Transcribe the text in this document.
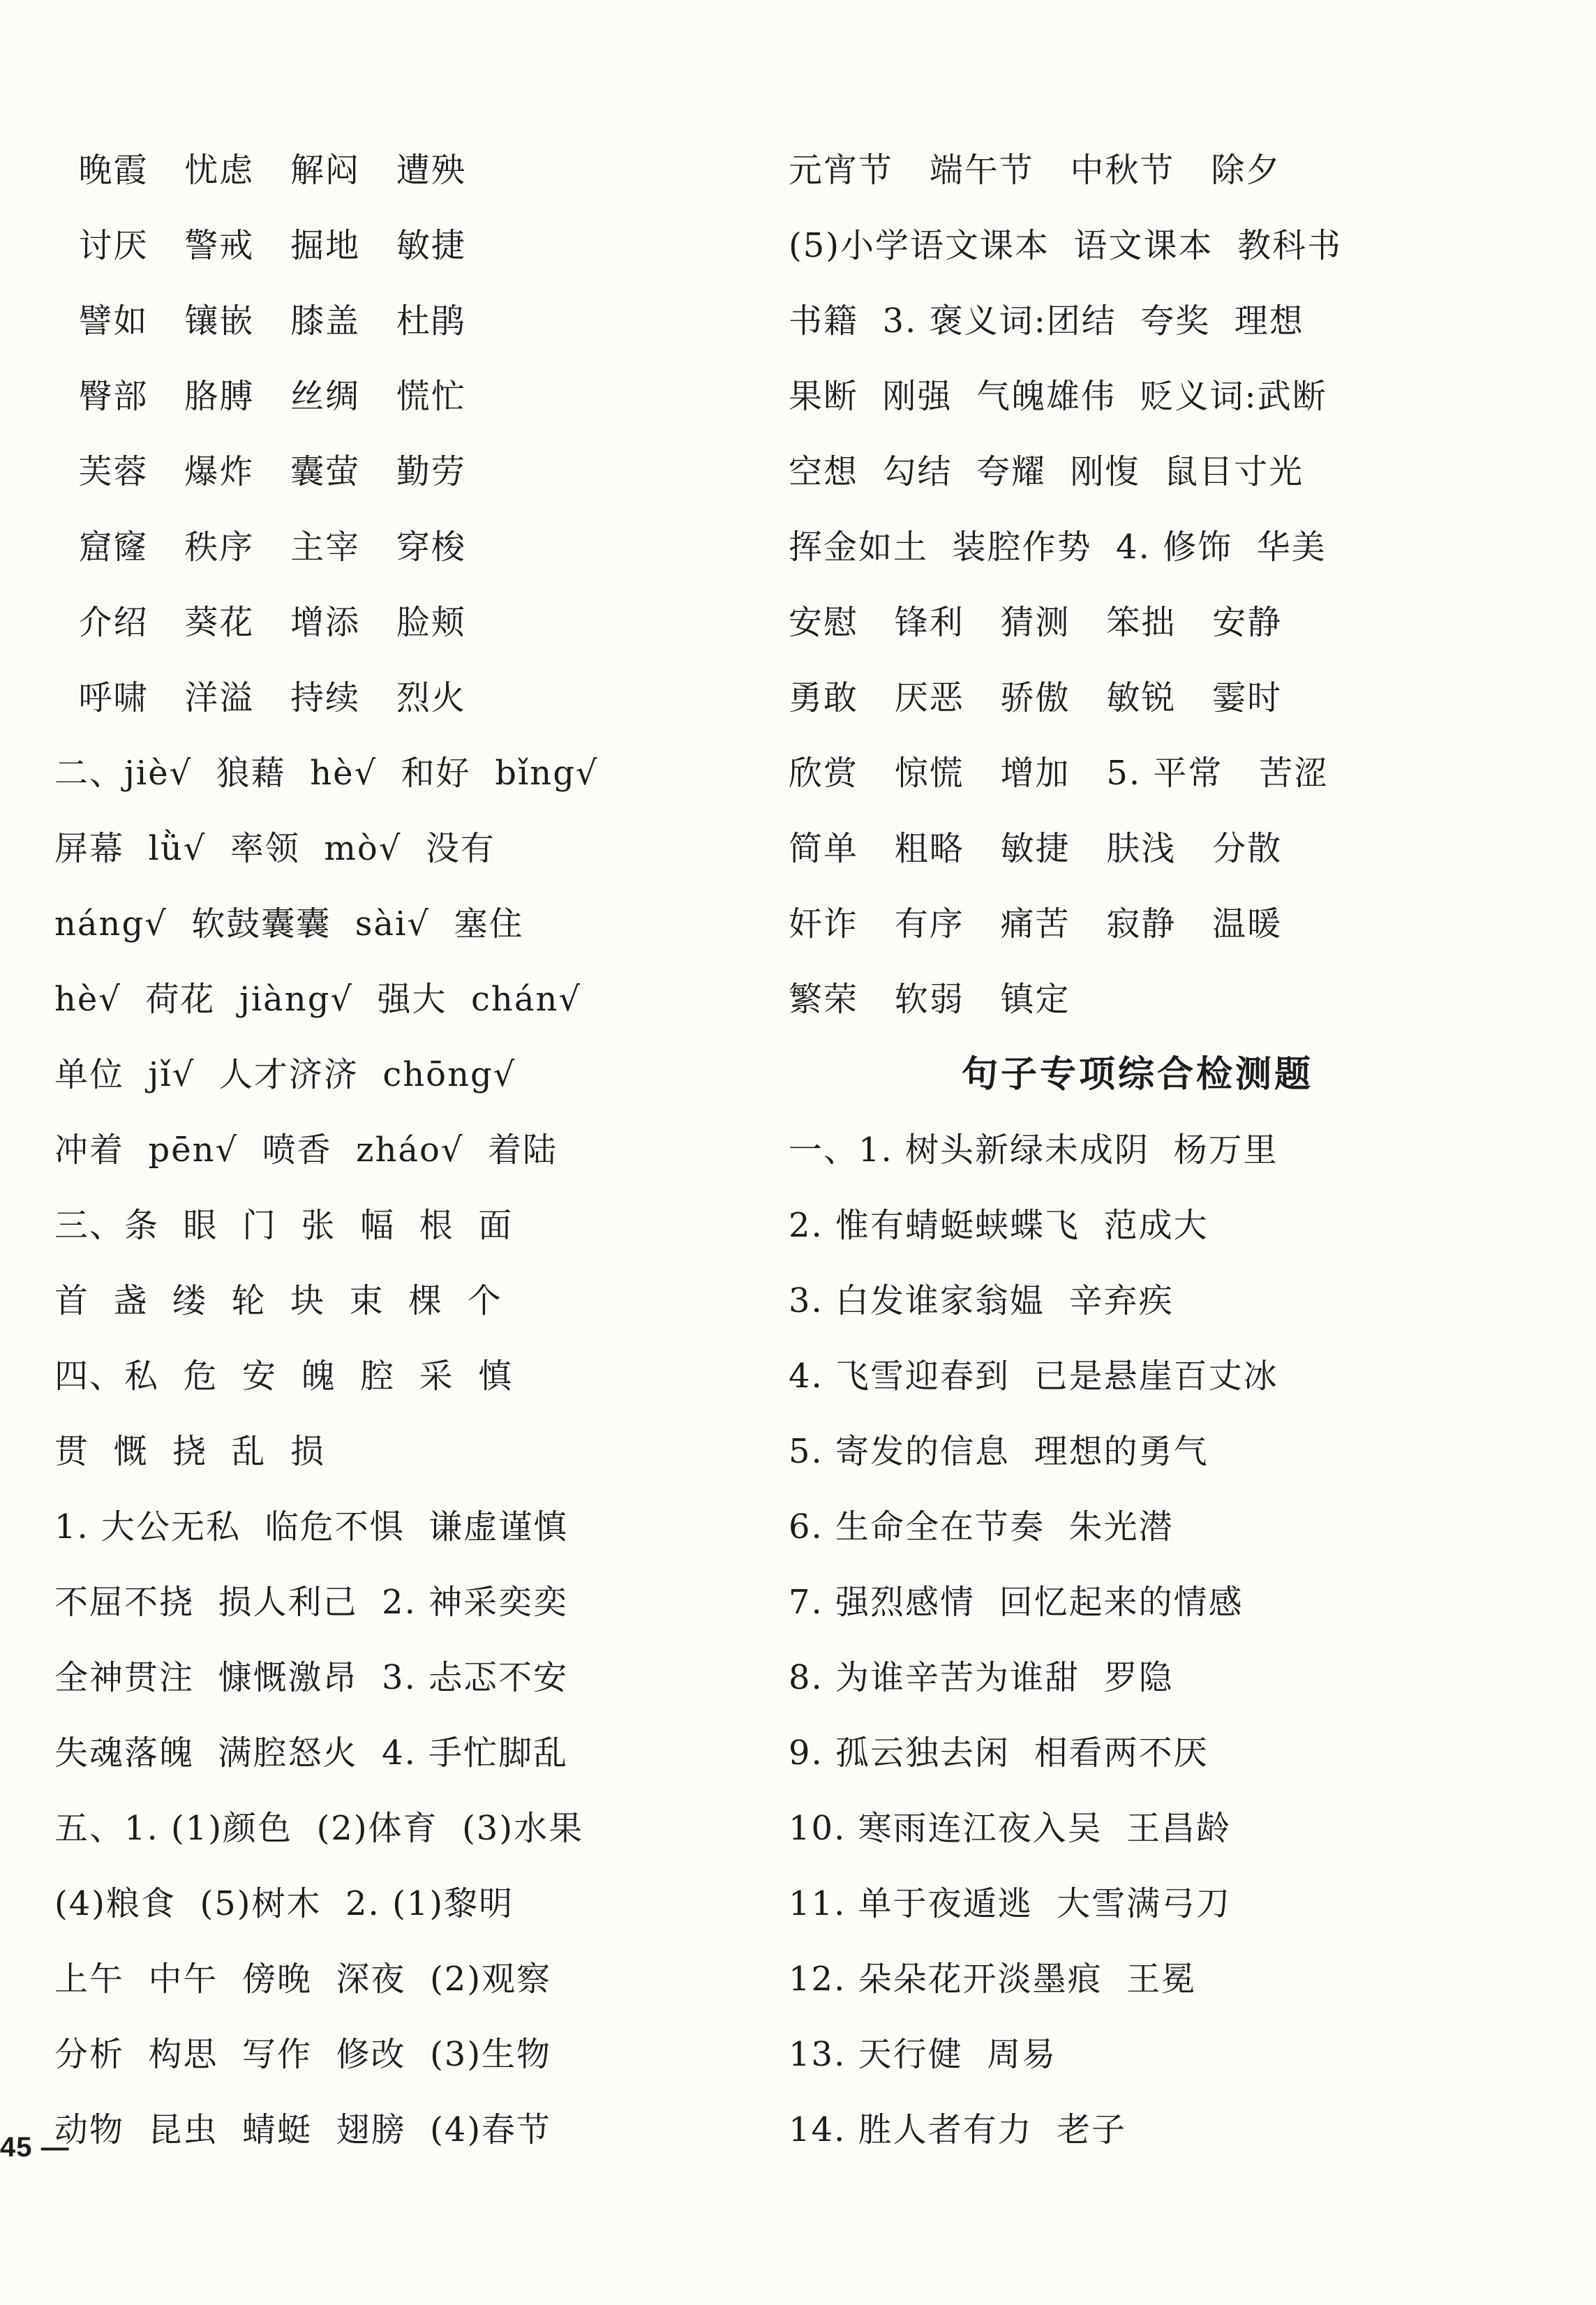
晚霞   忧虑   解闷   遭殃
讨厌   警戒   掘地   敏捷
譬如   镶嵌   膝盖   杜鹃
臀部   胳膊   丝绸   慌忙
芙蓉   爆炸   囊萤   勤劳
窟窿   秩序   主宰   穿梭
介绍   葵花   增添   脸颊
呼啸   洋溢   持续   烈火
二、jiè√  狼藉  hè√  和好  bǐng√
屏幕  lǜ√  率领  mò√  没有
náng√  软鼓囊囊  sài√  塞住
hè√  荷花  jiàng√  强大  chán√
单位  jǐ√  人才济济  chōng√
冲着  pēn√  喷香  zháo√  着陆
三、条  眼  门  张  幅  根  面
首  盏  缕  轮  块  束  棵  个
四、私  危  安  魄  腔  采  慎
贯  慨  挠  乱  损
1. 大公无私  临危不惧  谦虚谨慎
不屈不挠  损人利己  2. 神采奕奕
全神贯注  慷慨激昂  3. 忐忑不安
失魂落魄  满腔怒火  4. 手忙脚乱
五、1. (1)颜色  (2)体育  (3)水果
(4)粮食  (5)树木  2. (1)黎明
上午  中午  傍晚  深夜  (2)观察
分析  构思  写作  修改  (3)生物
动物  昆虫  蜻蜓  翅膀  (4)春节
元宵节   端午节   中秋节   除夕
(5)小学语文课本  语文课本  教科书
书籍  3. 褒义词:团结  夸奖  理想
果断  刚强  气魄雄伟  贬义词:武断
空想  勾结  夸耀  刚愎  鼠目寸光
挥金如土  装腔作势  4. 修饰  华美
安慰   锋利   猜测   笨拙   安静
勇敢   厌恶   骄傲   敏锐   霎时
欣赏   惊慌   增加   5. 平常   苦涩
简单   粗略   敏捷   肤浅   分散
奸诈   有序   痛苦   寂静   温暖
繁荣   软弱   镇定
句子专项综合检测题
一、1. 树头新绿未成阴  杨万里
2. 惟有蜻蜓蛱蝶飞  范成大
3. 白发谁家翁媪  辛弃疾
4. 飞雪迎春到  已是悬崖百丈冰
5. 寄发的信息  理想的勇气
6. 生命全在节奏  朱光潜
7. 强烈感情  回忆起来的情感
8. 为谁辛苦为谁甜  罗隐
9. 孤云独去闲  相看两不厌
10. 寒雨连江夜入吴  王昌龄
11. 单于夜遁逃  大雪满弓刀
12. 朵朵花开淡墨痕  王冕
13. 天行健  周易
14. 胜人者有力  老子
45 —
